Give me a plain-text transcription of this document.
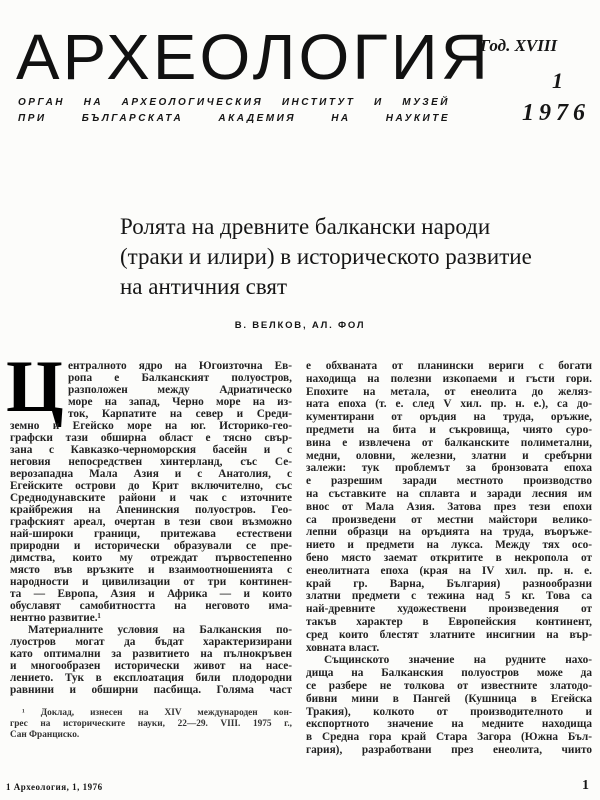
АРХЕОЛОГИЯ
ОРГАН НА АРХЕОЛОГИЧЕСКИЯ ИНСТИТУТ И МУЗЕЙ
ПРИ БЪЛГАРСКАТА АКАДЕМИЯ НА НАУКИТЕ
Год. XVIII
1
1976
Ролята на древните балкански народи
(траки и илири) в историческото развитие
на античния свят
В. ВЕЛКОВ, АЛ. ФОЛ
Ц ентралното ядро на Югоизточна Ев-
ропа е Балканският полуостров,
разположен между Адриатическо
море на запад, Черно море на из-
ток, Карпатите на север и Среди-
земно и Егейско море на юг. Историко-гео-
графски тази обширна област е тясно свър-
зана с Кавказко-черноморския басейн и с
неговия непосредствен хинтерланд, със Се-
верозападна Мала Азия и с Анатолия, с
Егейските острови до Крит включително, със
Среднодунавските райони и чак с източните
крайбрежия на Апенинския полуостров. Гео-
графският ареал, очертан в тези свои възможно
най-широки граници, притежава естествени
природни и исторически образували се пре-
димства, които му отреждат първостепенно
място във връзките и взаимоотношенията с
народности и цивилизации от три континен-
та — Европа, Азия и Африка — и които
обуславят самобитността на неговото има-
нентно развитие.¹
Материалните условия на Балканския по-
луостров могат да бъдат характеризирани
като оптимални за развитието на пълнокръвен
и многообразен исторически живот на насе-
лението. Тук в експлоатация били плодородни
равнини и обширни пасбища. Голяма част
е обхваната от планински вериги с богати
находища на полезни изкопаеми и гъсти гори.
Епохите на метала, от енеолита до желяз-
ната епоха (т. е. след V хил. пр. н. е.), са до-
кументирани от оръдия на труда, оръжие,
предмети на бита и съкровища, чиято суро-
вина е извлечена от балканските полиметални,
медни, оловни, железни, златни и сребърни
залежи: тук проблемът за бронзовата епоха
е разрешим заради местното производство
на съставките на сплавта и заради лесния им
внос от Мала Азия. Затова през тези епохи
са произведени от местни майстори велико-
лепни образци на оръдията на труда, въоръже-
нието и предмети на лукса. Между тях осо-
бено място заемат откритите в некропола от
енеолитната епоха (края на IV хил. пр. н. е.
край гр. Варна, България) разнообразни
златни предмети с тежина над 5 кг. Това са
най-древните художествени произведения от
такъв характер в Европейския континент,
сред които блестят златните инсигнии на вър-
ховната власт.
Същинското значение на рудните нахо-
дища на Балканския полуостров може да
се разбере не толкова от известните златодо-
бивни мини в Пангей (Кушница в Егейска
Тракия), колкото от производителното и
експортното значение на медните находища
в Средна гора край Стара Загора (Южна Бъл-
гария), разработвани през енеолита, чиито
¹ Доклад, изнесен на XIV международен кон-
грес на историческите науки, 22—29. VIII. 1975 г.,
Сан Франциско.
1 Археология, 1, 1976	1
